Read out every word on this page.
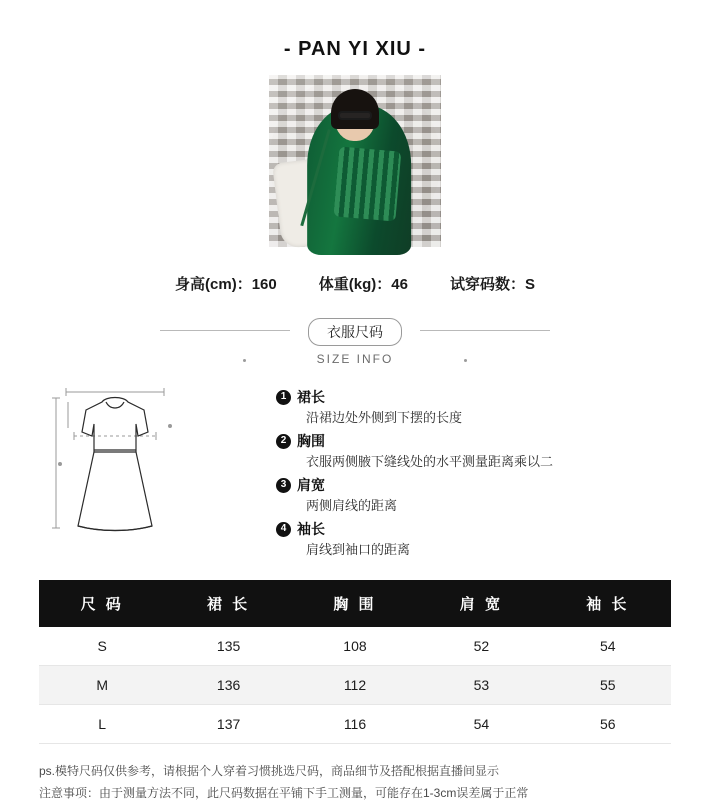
- PAN YI XIU -
身高(cm)：160	体重(kg)：46	试穿码数：S
衣服尺码
SIZE INFO
1 裙长
沿裙边处外侧到下摆的长度
2 胸围
衣服两侧腋下缝线处的水平测量距离乘以二
3 肩宽
两侧肩线的距离
4 袖长
肩线到袖口的距离
尺 码	裙 长	胸 围	肩 宽	袖 长
S	135	108	52	54
M	136	112	53	55
L	137	116	54	56
ps.模特尺码仅供参考，请根据个人穿着习惯挑选尺码，商品细节及搭配根据直播间显示
注意事项：由于测量方法不同，此尺码数据在平铺下手工测量，可能存在1-3cm误差属于正常
